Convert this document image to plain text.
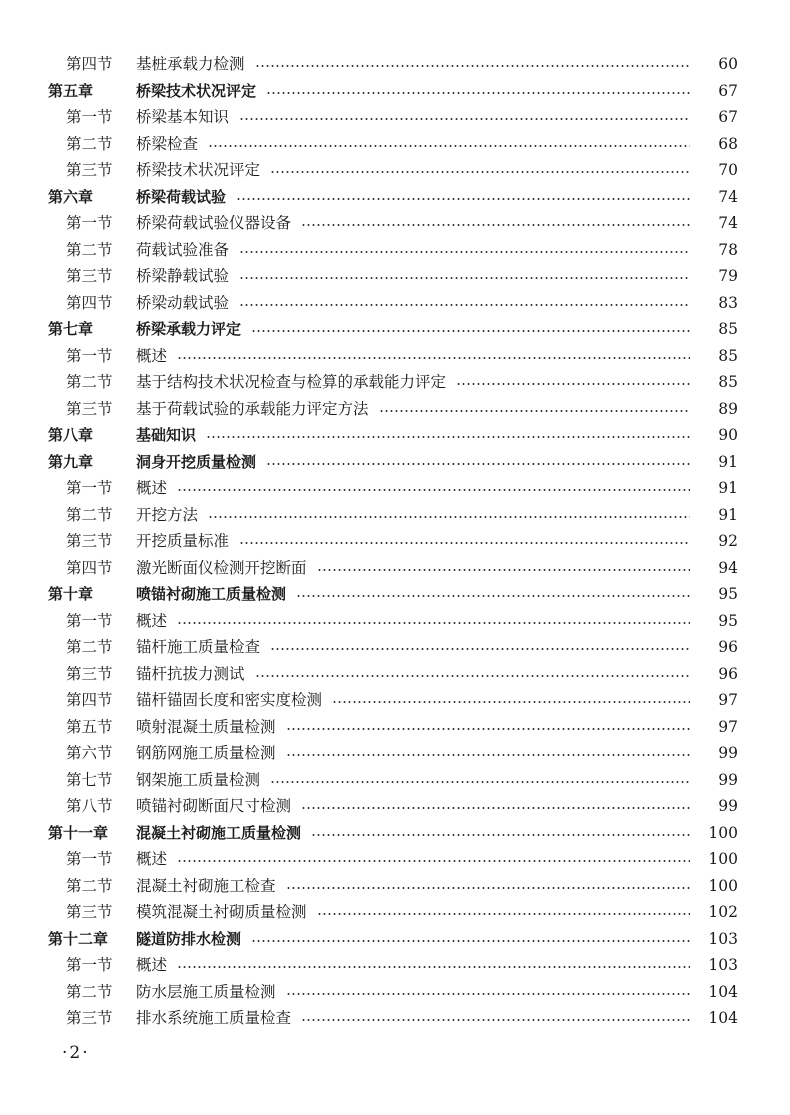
第四节	基桩承载力检测	60
第五章	桥梁技术状况评定	67
第一节	桥梁基本知识	67
第二节	桥梁检查	68
第三节	桥梁技术状况评定	70
第六章	桥梁荷载试验	74
第一节	桥梁荷载试验仪器设备	74
第二节	荷载试验准备	78
第三节	桥梁静载试验	79
第四节	桥梁动载试验	83
第七章	桥梁承载力评定	85
第一节	概述	85
第二节	基于结构技术状况检查与检算的承载能力评定	85
第三节	基于荷载试验的承载能力评定方法	89
第八章	基础知识	90
第九章	洞身开挖质量检测	91
第一节	概述	91
第二节	开挖方法	91
第三节	开挖质量标准	92
第四节	激光断面仪检测开挖断面	94
第十章	喷锚衬砌施工质量检测	95
第一节	概述	95
第二节	锚杆施工质量检查	96
第三节	锚杆抗拔力测试	96
第四节	锚杆锚固长度和密实度检测	97
第五节	喷射混凝土质量检测	97
第六节	钢筋网施工质量检测	99
第七节	钢架施工质量检测	99
第八节	喷锚衬砌断面尺寸检测	99
第十一章	混凝土衬砌施工质量检测	100
第一节	概述	100
第二节	混凝土衬砌施工检查	100
第三节	模筑混凝土衬砌质量检测	102
第十二章	隧道防排水检测	103
第一节	概述	103
第二节	防水层施工质量检测	104
第三节	排水系统施工质量检查	104
·2·
